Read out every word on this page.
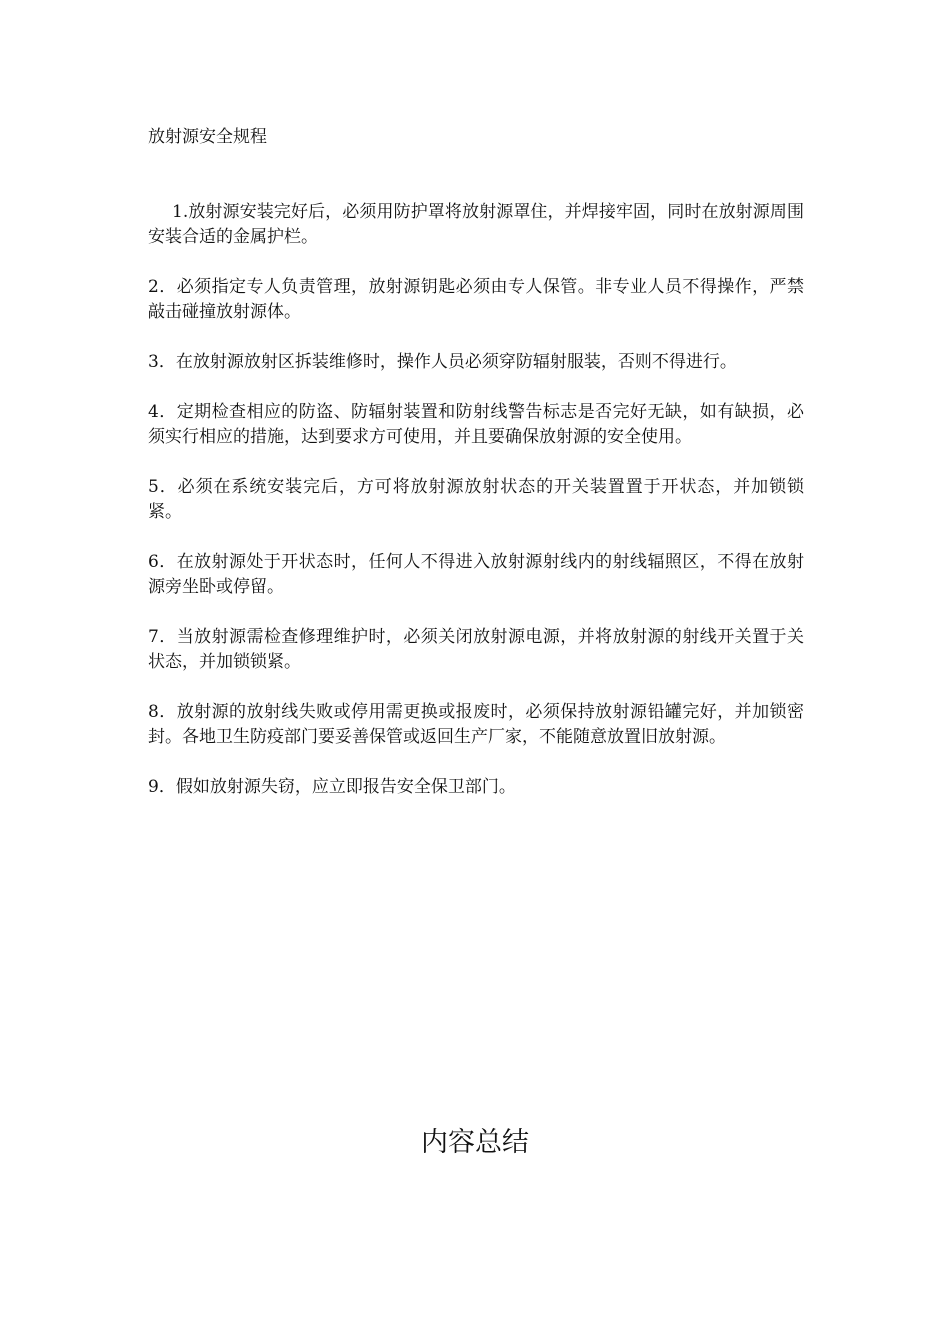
放射源安全规程

1.放射源安装完好后，必须用防护罩将放射源罩住，并焊接牢固，同时在放射源周围安装合适的金属护栏。

2．必须指定专人负责管理，放射源钥匙必须由专人保管。非专业人员不得操作，严禁敲击碰撞放射源体。

3．在放射源放射区拆装维修时，操作人员必须穿防辐射服装，否则不得进行。

4．定期检查相应的防盗、防辐射装置和防射线警告标志是否完好无缺，如有缺损，必须实行相应的措施，达到要求方可使用，并且要确保放射源的安全使用。

5．必须在系统安装完后，方可将放射源放射状态的开关装置置于开状态，并加锁锁紧。

6．在放射源处于开状态时，任何人不得进入放射源射线内的射线辐照区，不得在放射源旁坐卧或停留。

7．当放射源需检查修理维护时，必须关闭放射源电源，并将放射源的射线开关置于关状态，并加锁锁紧。

8．放射源的放射线失败或停用需更换或报废时，必须保持放射源铅罐完好，并加锁密封。各地卫生防疫部门要妥善保管或返回生产厂家，不能随意放置旧放射源。

9．假如放射源失窃，应立即报告安全保卫部门。

内容总结
